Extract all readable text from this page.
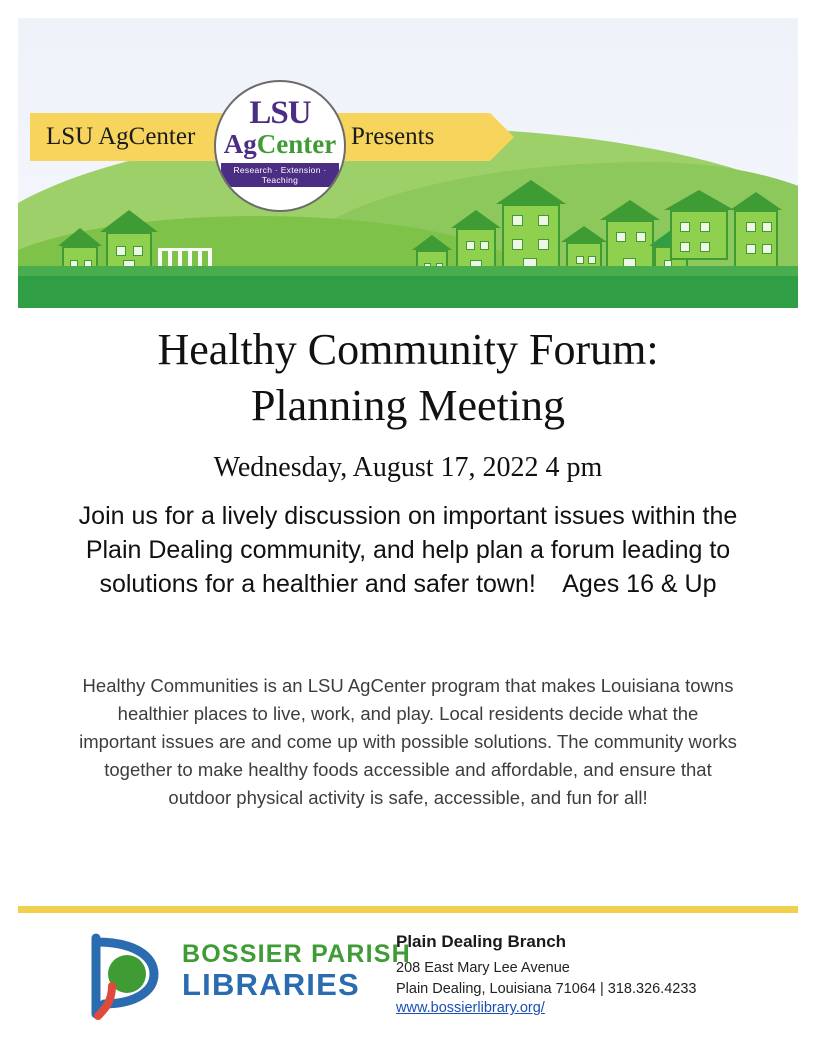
LSU AgCenter	Presents
LSU
AgCenter
Research · Extension · Teaching
Healthy Community Forum:
Planning Meeting
Wednesday, August 17, 2022 4 pm
Join us for a lively discussion on important issues within the Plain Dealing community, and help plan a forum leading to solutions for a healthier and safer town!    Ages 16 & Up
Healthy Communities is an LSU AgCenter program that makes Louisiana towns healthier places to live, work, and play. Local residents decide what the important issues are and come up with possible solutions. The community works together to make healthy foods accessible and affordable, and ensure that outdoor physical activity is safe, accessible, and fun for all!
BOSSIER PARISH
LIBRARIES
Plain Dealing Branch
208 East Mary Lee Avenue
Plain Dealing, Louisiana 71064 | 318.326.4233
www.bossierlibrary.org/
